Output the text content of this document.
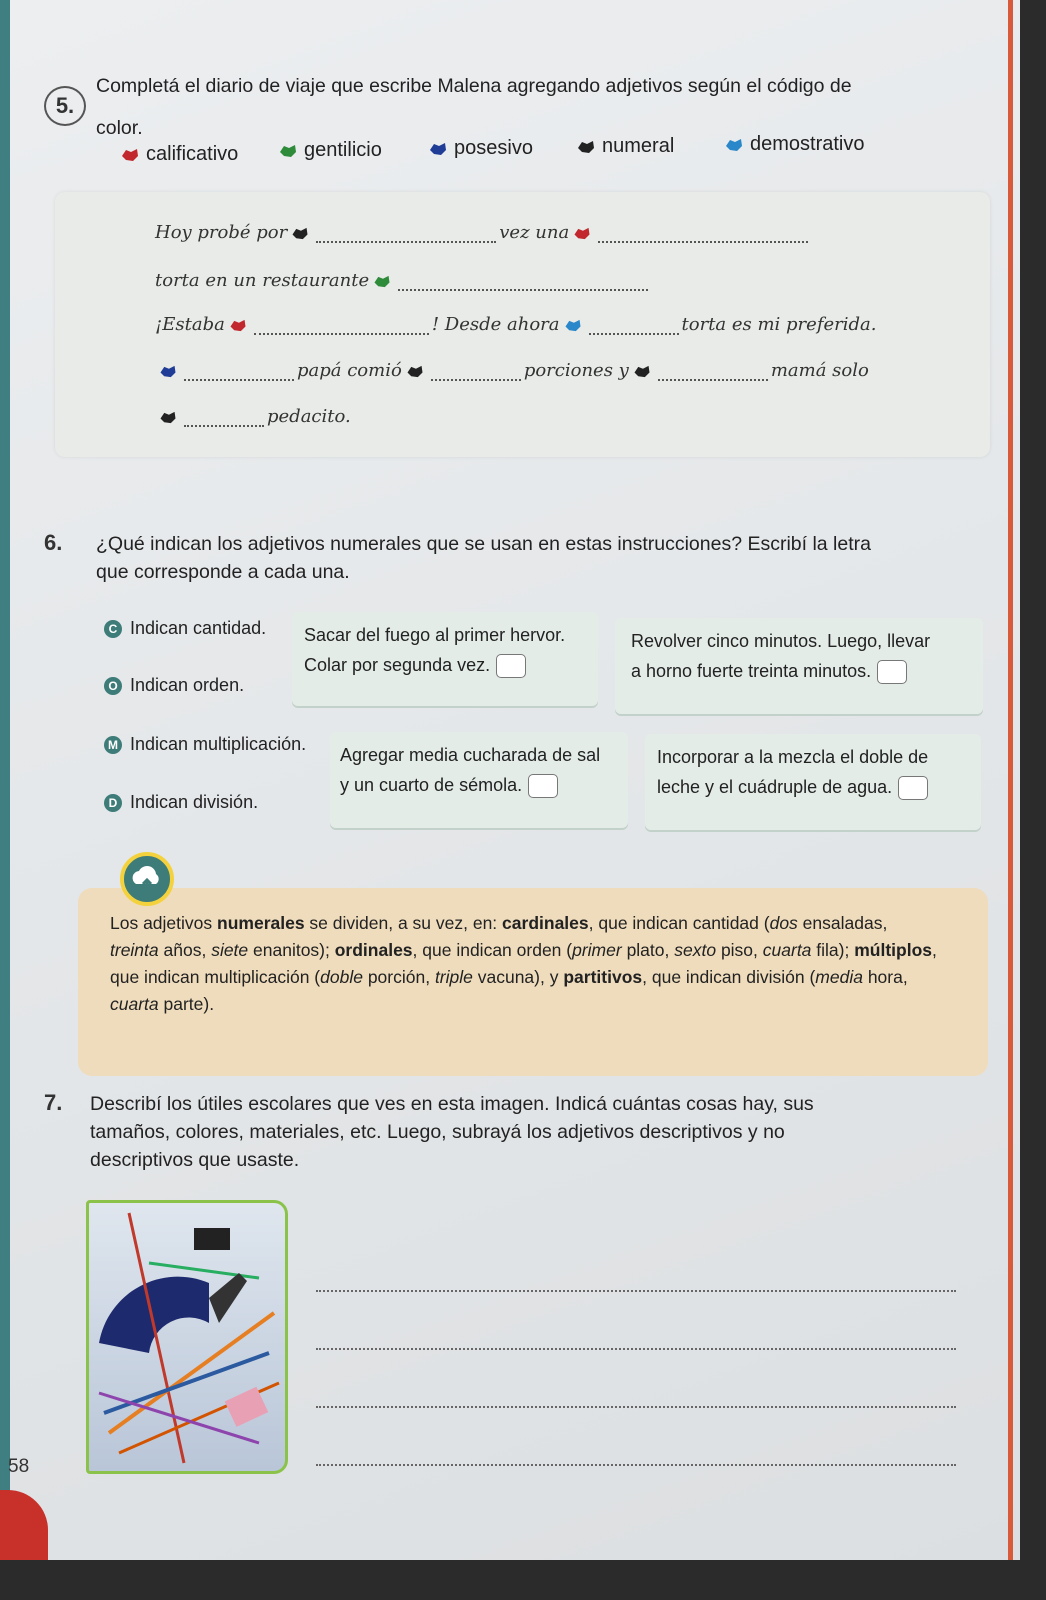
5.
Completá el diario de viaje que escribe Malena agregando adjetivos según el código de
color.
calificativo	gentilicio	posesivo	numeral	demostrativo
Hoy probé por	vez una
torta en un restaurante
¡Estaba	! Desde ahora	torta es mi preferida.
papá comió	porciones y	mamá solo
pedacito.
6. ¿Qué indican los adjetivos numerales que se usan en estas instrucciones? Escribí la letra
que corresponde a cada una.
C Indican cantidad.
O Indican orden.
M Indican multiplicación.
D Indican división.
Sacar del fuego al primer hervor.
Colar por segunda vez.
Revolver cinco minutos. Luego, llevar
a horno fuerte treinta minutos.
Agregar media cucharada de sal
y un cuarto de sémola.
Incorporar a la mezcla el doble de
leche y el cuádruple de agua.
Los adjetivos numerales se dividen, a su vez, en: cardinales, que indican cantidad (dos ensaladas, treinta años, siete enanitos); ordinales, que indican orden (primer plato, sexto piso, cuarta fila); múltiplos, que indican multiplicación (doble porción, triple vacuna), y partitivos, que indican división (media hora, cuarta parte).
7. Describí los útiles escolares que ves en esta imagen. Indicá cuántas cosas hay, sus
tamaños, colores, materiales, etc. Luego, subrayá los adjetivos descriptivos y no
descriptivos que usaste.
58
